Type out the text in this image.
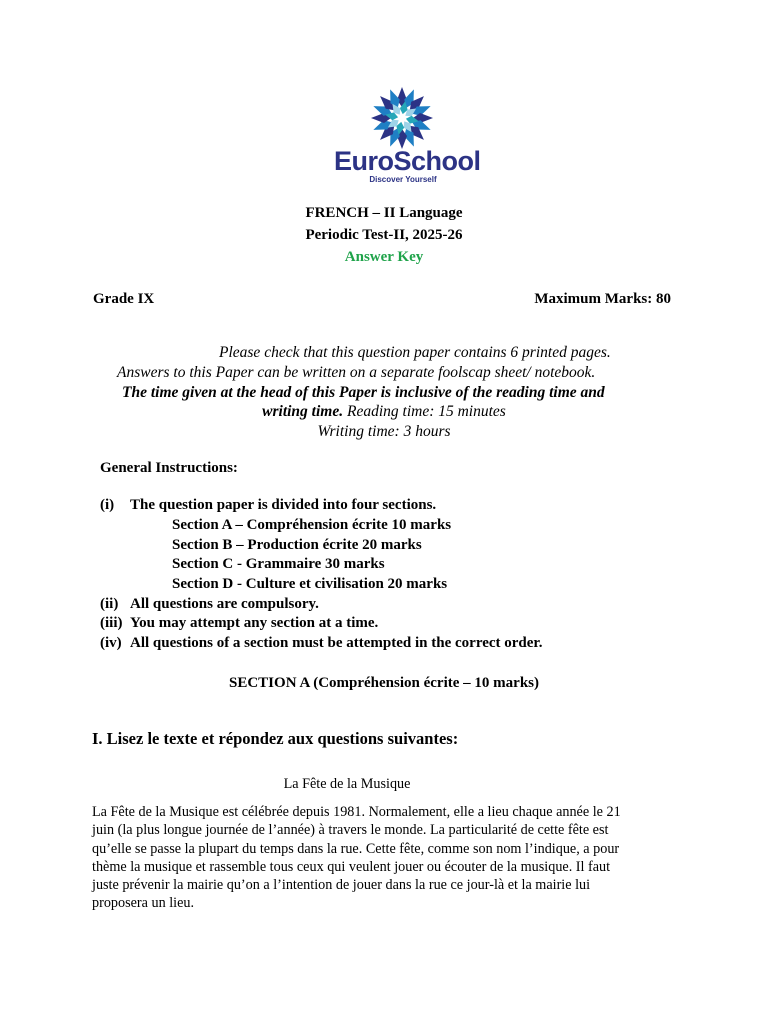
EuroSchool
Discover Yourself
FRENCH – II Language
Periodic Test-II, 2025-26
Answer Key
Grade IX	Maximum Marks: 80
Please check that this question paper contains 6 printed pages.
Answers to this Paper can be written on a separate foolscap sheet/ notebook.
The time given at the head of this Paper is inclusive of the reading time and
writing time. Reading time: 15 minutes
Writing time: 3 hours
General Instructions:
(i) The question paper is divided into four sections.
Section A – Compréhension écrite 10 marks
Section B – Production écrite 20 marks
Section C - Grammaire 30 marks
Section D - Culture et civilisation 20 marks
(ii) All questions are compulsory.
(iii) You may attempt any section at a time.
(iv) All questions of a section must be attempted in the correct order.
SECTION A (Compréhension écrite – 10 marks)
I. Lisez le texte et répondez aux questions suivantes:
La Fête de la Musique
La Fête de la Musique est célébrée depuis 1981. Normalement, elle a lieu chaque année le 21
juin (la plus longue journée de l’année) à travers le monde. La particularité de cette fête est
qu’elle se passe la plupart du temps dans la rue. Cette fête, comme son nom l’indique, a pour
thème la musique et rassemble tous ceux qui veulent jouer ou écouter de la musique. Il faut
juste prévenir la mairie qu’on a l’intention de jouer dans la rue ce jour-là et la mairie lui
proposera un lieu.
